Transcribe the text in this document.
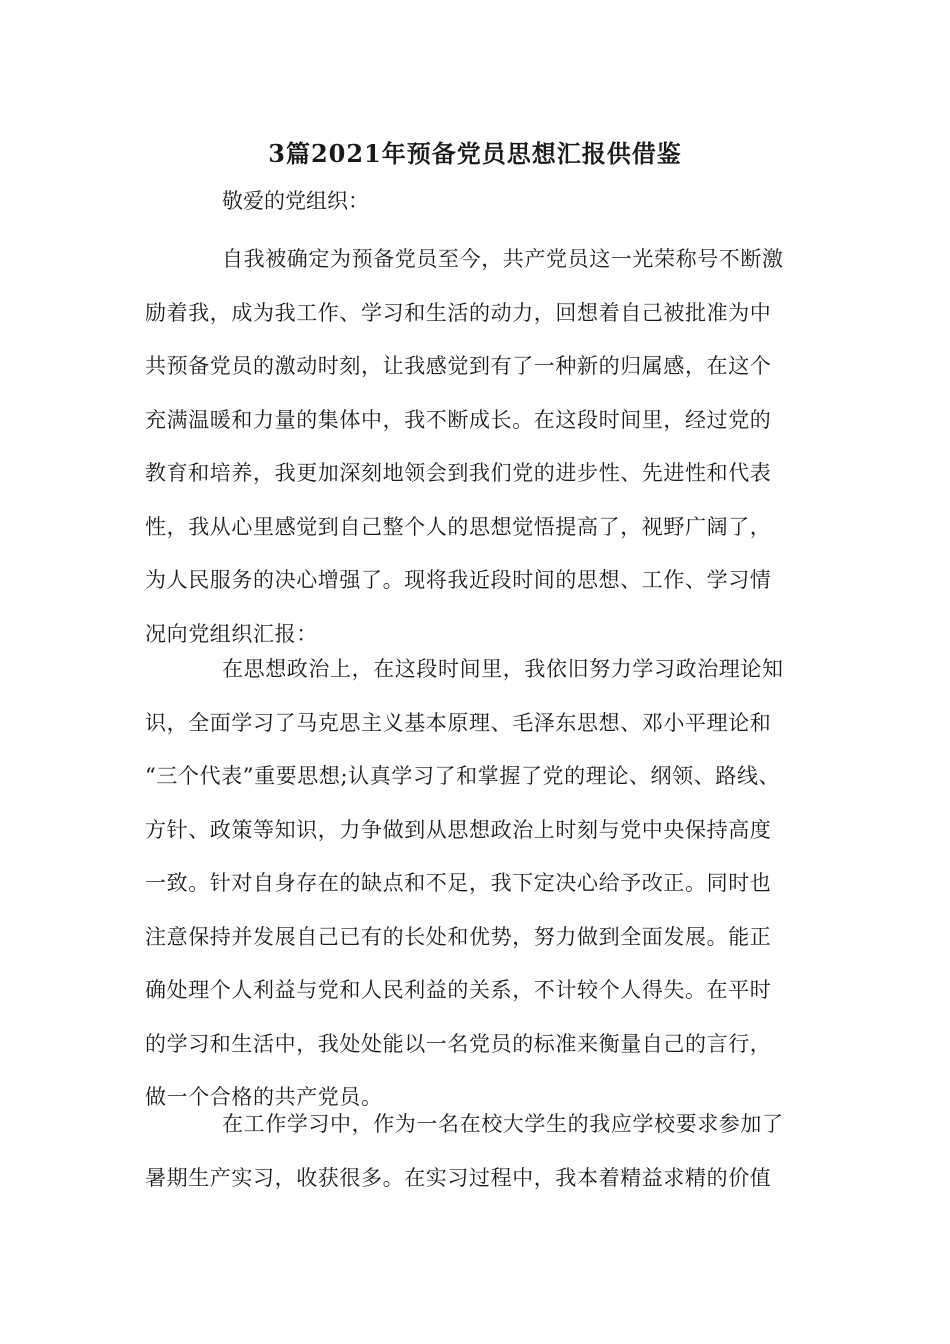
3篇2021年预备党员思想汇报供借鉴
敬爱的党组织：
自我被确定为预备党员至今，共产党员这一光荣称号不断激
励着我，成为我工作、学习和生活的动力，回想着自己被批准为中
共预备党员的激动时刻，让我感觉到有了一种新的归属感，在这个
充满温暖和力量的集体中，我不断成长。在这段时间里，经过党的
教育和培养，我更加深刻地领会到我们党的进步性、先进性和代表
性，我从心里感觉到自己整个人的思想觉悟提高了，视野广阔了，
为人民服务的决心增强了。现将我近段时间的思想、工作、学习情
况向党组织汇报：
在思想政治上，在这段时间里，我依旧努力学习政治理论知
识，全面学习了马克思主义基本原理、毛泽东思想、邓小平理论和
“三个代表”重要思想;认真学习了和掌握了党的理论、纲领、路线、
方针、政策等知识，力争做到从思想政治上时刻与党中央保持高度
一致。针对自身存在的缺点和不足，我下定决心给予改正。同时也
注意保持并发展自己已有的长处和优势，努力做到全面发展。能正
确处理个人利益与党和人民利益的关系，不计较个人得失。在平时
的学习和生活中，我处处能以一名党员的标准来衡量自己的言行，
做一个合格的共产党员。
在工作学习中，作为一名在校大学生的我应学校要求参加了
暑期生产实习，收获很多。在实习过程中，我本着精益求精的价值
